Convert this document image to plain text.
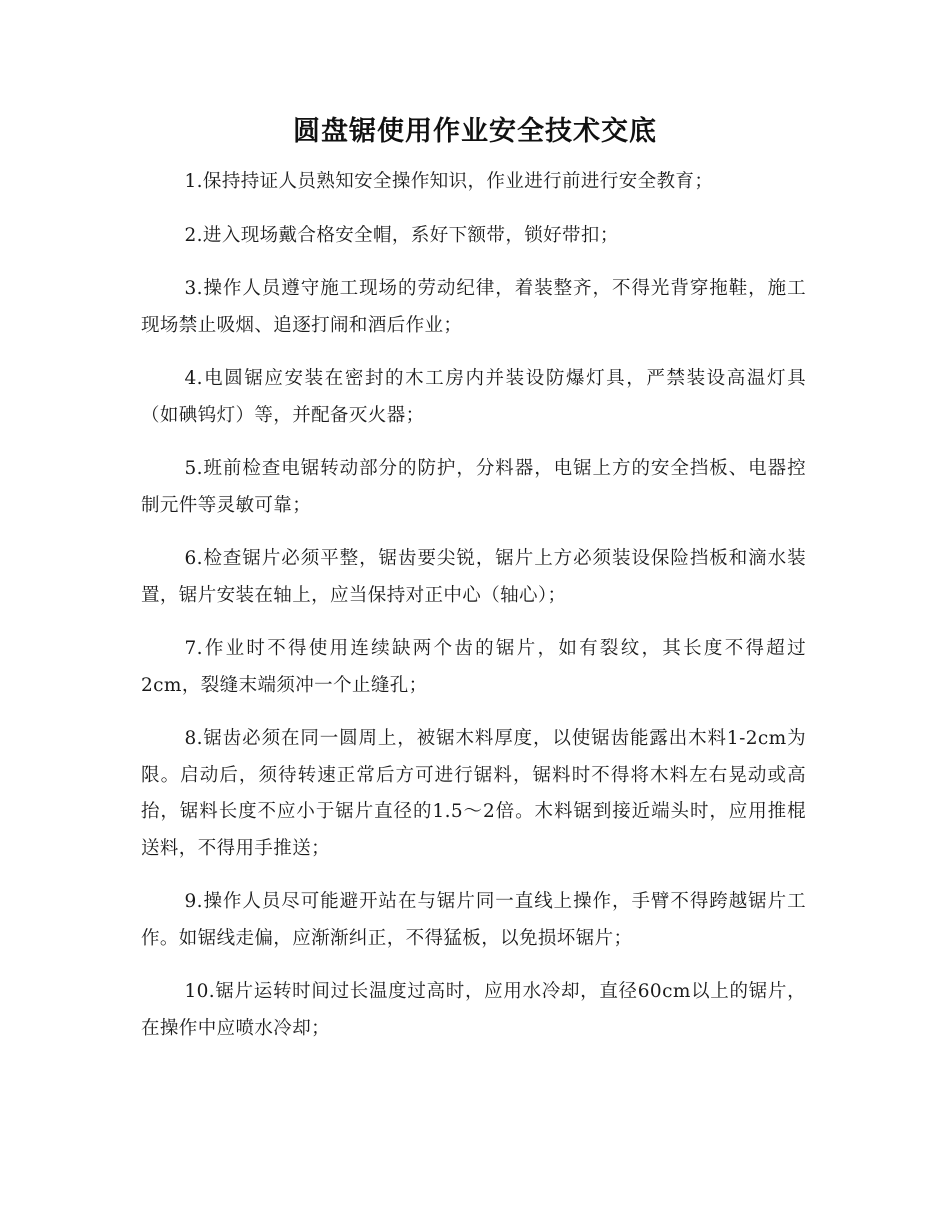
圆盘锯使用作业安全技术交底

1.保持持证人员熟知安全操作知识，作业进行前进行安全教育；

2.进入现场戴合格安全帽，系好下额带，锁好带扣；

3.操作人员遵守施工现场的劳动纪律，着装整齐，不得光背穿拖鞋，施工现场禁止吸烟、追逐打闹和酒后作业；

4.电圆锯应安装在密封的木工房内并装设防爆灯具，严禁装设高温灯具（如碘钨灯）等，并配备灭火器；

5.班前检查电锯转动部分的防护，分料器，电锯上方的安全挡板、电器控制元件等灵敏可靠；

6.检查锯片必须平整，锯齿要尖锐，锯片上方必须装设保险挡板和滴水装置，锯片安装在轴上，应当保持对正中心（轴心）；

7.作业时不得使用连续缺两个齿的锯片，如有裂纹，其长度不得超过2cm，裂缝末端须冲一个止缝孔；

8.锯齿必须在同一圆周上，被锯木料厚度，以使锯齿能露出木料1-2cm为限。启动后，须待转速正常后方可进行锯料，锯料时不得将木料左右晃动或高抬，锯料长度不应小于锯片直径的1.5～2倍。木料锯到接近端头时，应用推棍送料，不得用手推送；

9.操作人员尽可能避开站在与锯片同一直线上操作，手臂不得跨越锯片工作。如锯线走偏，应渐渐纠正，不得猛板，以免损坏锯片；

10.锯片运转时间过长温度过高时，应用水冷却，直径60cm以上的锯片，在操作中应喷水冷却；
